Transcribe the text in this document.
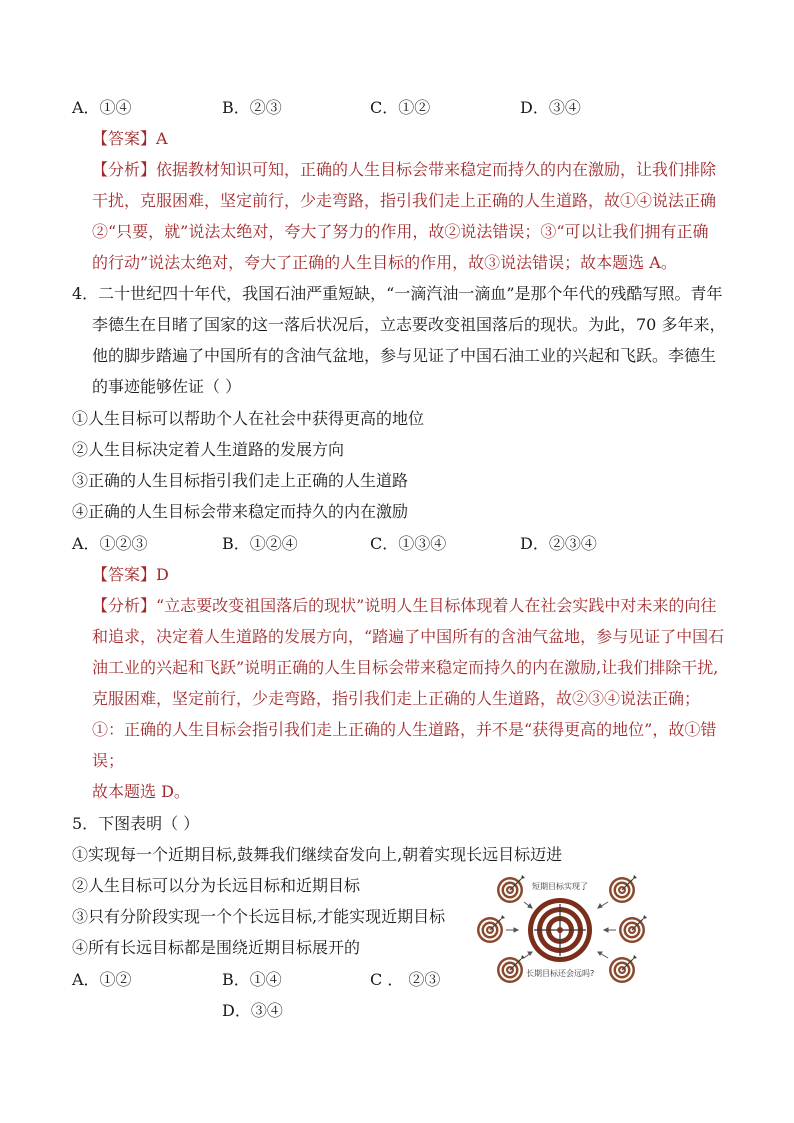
A．①④	B．②③	C．①②	D．③④
【答案】A
【分析】依据教材知识可知，正确的人生目标会带来稳定而持久的内在激励，让我们排除
干扰，克服困难，坚定前行，少走弯路，指引我们走上正确的人生道路，故①④说法正确
②“只要，就”说法太绝对，夸大了努力的作用，故②说法错误；③“可以让我们拥有正确
的行动”说法太绝对，夸大了正确的人生目标的作用，故③说法错误；故本题选 A。
4．二十世纪四十年代，我国石油严重短缺，“一滴汽油一滴血”是那个年代的残酷写照。青年
李德生在目睹了国家的这一落后状况后，立志要改变祖国落后的现状。为此，70 多年来，
他的脚步踏遍了中国所有的含油气盆地，参与见证了中国石油工业的兴起和飞跃。李德生
的事迹能够佐证（ ）
①人生目标可以帮助个人在社会中获得更高的地位
②人生目标决定着人生道路的发展方向
③正确的人生目标指引我们走上正确的人生道路
④正确的人生目标会带来稳定而持久的内在激励
A．①②③	B．①②④	C．①③④	D．②③④
【答案】D
【分析】“立志要改变祖国落后的现状”说明人生目标体现着人在社会实践中对未来的向往
和追求，决定着人生道路的发展方向，“踏遍了中国所有的含油气盆地，参与见证了中国石
油工业的兴起和飞跃”说明正确的人生目标会带来稳定而持久的内在激励,让我们排除干扰,
克服困难，坚定前行，少走弯路，指引我们走上正确的人生道路，故②③④说法正确；
①：正确的人生目标会指引我们走上正确的人生道路，并不是“获得更高的地位”，故①错
误；
故本题选 D。
5．下图表明（ ）
①实现每一个近期目标,鼓舞我们继续奋发向上,朝着实现长远目标迈进
②人生目标可以分为长远目标和近期目标
③只有分阶段实现一个个长远目标,才能实现近期目标
④所有长远目标都是围绕近期目标展开的
A．①②	B．①④	C ． ②③
D．③④
短期目标实现了
长期目标还会远吗?
